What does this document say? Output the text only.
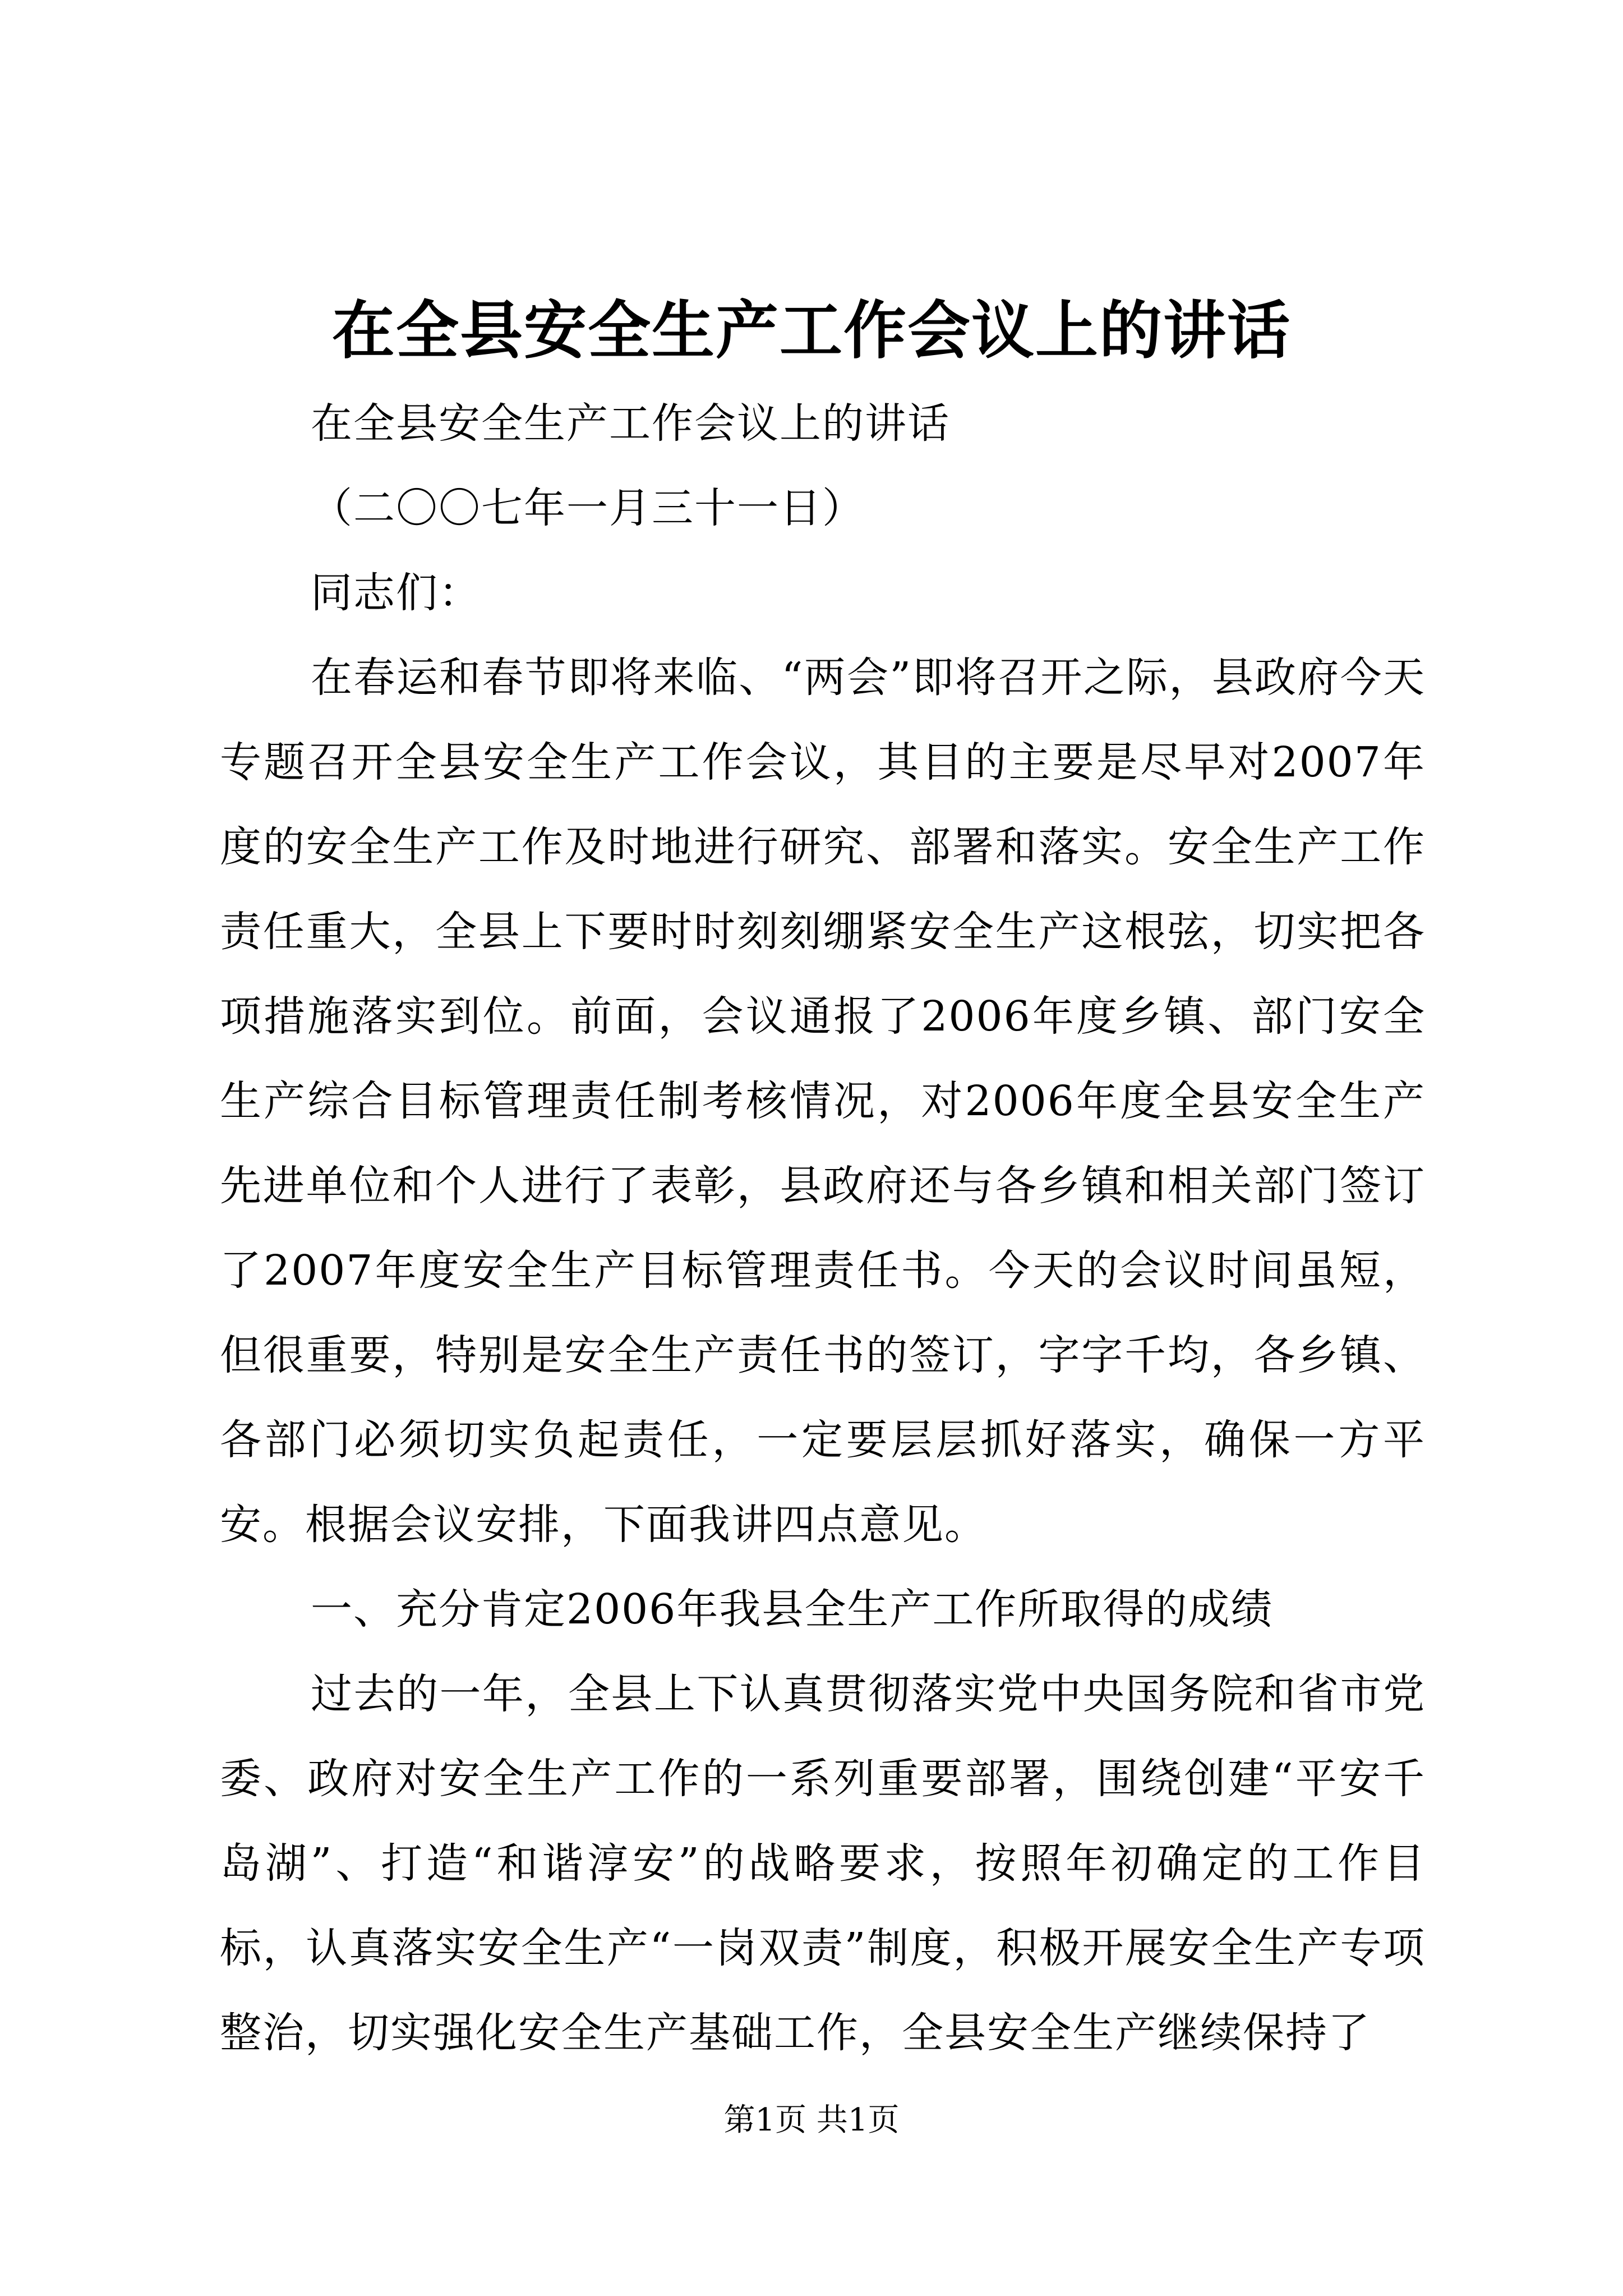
在全县安全生产工作会议上的讲话

在全县安全生产工作会议上的讲话

（二〇〇七年一月三十一日）

同志们：

在春运和春节即将来临、“两会”即将召开之际，县政府今天专题召开全县安全生产工作会议，其目的主要是尽早对2007年度的安全生产工作及时地进行研究、部署和落实。安全生产工作责任重大，全县上下要时时刻刻绷紧安全生产这根弦，切实把各项措施落实到位。前面，会议通报了2006年度乡镇、部门安全生产综合目标管理责任制考核情况，对2006年度全县安全生产先进单位和个人进行了表彰，县政府还与各乡镇和相关部门签订了2007年度安全生产目标管理责任书。今天的会议时间虽短，但很重要，特别是安全生产责任书的签订，字字千均，各乡镇、各部门必须切实负起责任，一定要层层抓好落实，确保一方平安。根据会议安排，下面我讲四点意见。

一、充分肯定2006年我县全生产工作所取得的成绩

过去的一年，全县上下认真贯彻落实党中央国务院和省市党委、政府对安全生产工作的一系列重要部署，围绕创建“平安千岛湖”、打造“和谐淳安”的战略要求，按照年初确定的工作目标，认真落实安全生产“一岗双责”制度，积极开展安全生产专项整治，切实强化安全生产基础工作，全县安全生产继续保持了

第1页 共1页
